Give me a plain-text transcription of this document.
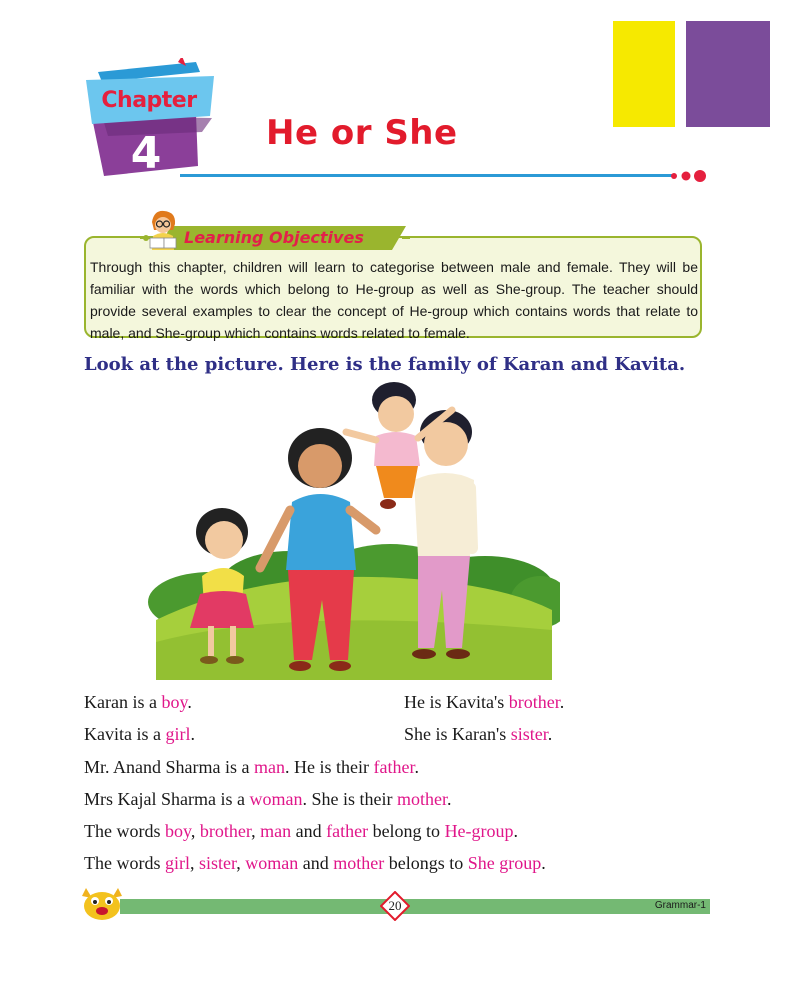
Chapter
4	He or She
Learning Objectives
Through this chapter, children will learn to categorise between male and female. They will be familiar with the words which belong to He-group as well as She-group. The teacher should provide several examples to clear the concept of He-group which contains words that relate to male, and She-group which contains words related to female.
Look at the picture. Here is the family of Karan and Kavita.
Karan is a boy.	He is Kavita's brother.
Kavita is a girl.	She is Karan's sister.
Mr. Anand Sharma is a man. He is their father.
Mrs Kajal Sharma is a woman. She is their mother.
The words boy, brother, man and father belong to He-group.
The words girl, sister, woman and mother belongs to She group.
20	Grammar-1
